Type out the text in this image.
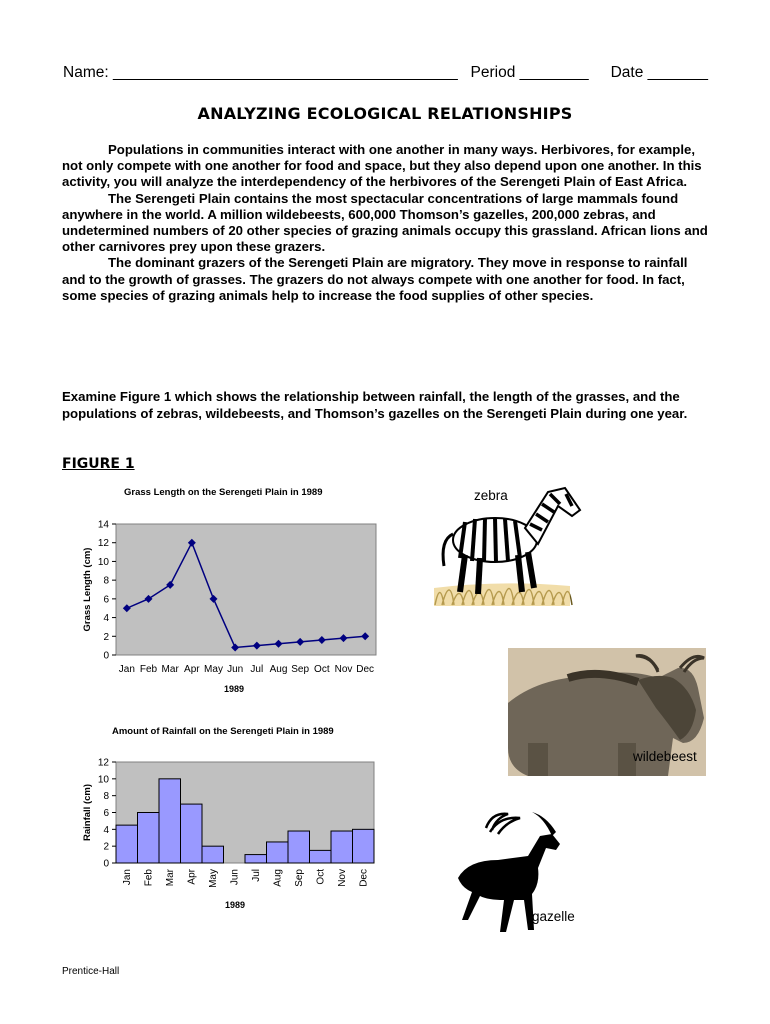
Name: ________________________________________ Period ________ Date _______
ANALYZING ECOLOGICAL RELATIONSHIPS

Populations in communities interact with one another in many ways. Herbivores, for example, not only compete with one another for food and space, but they also depend upon one another. In this activity, you will analyze the interdependency of the herbivores of the Serengeti Plain of East Africa.

The Serengeti Plain contains the most spectacular concentrations of large mammals found anywhere in the world. A million wildebeests, 600,000 Thomson’s gazelles, 200,000 zebras, and undetermined numbers of 20 other species of grazing animals occupy this grassland. African lions and other carnivores prey upon these grazers.

The dominant grazers of the Serengeti Plain are migratory. They move in response to rainfall and to the growth of grasses. The grazers do not always compete with one another for food. In fact, some species of grazing animals help to increase the food supplies of other species.

Examine Figure 1 which shows the relationship between rainfall, the length of the grasses, and the populations of zebras, wildebeests, and Thomson’s gazelles on the Serengeti Plain during one year.
FIGURE 1
Grass Length on the Serengeti Plain in 1989
0
2
4
6
8
10
12
14
Jan Feb Mar Apr May Jun Jul Aug Sep Oct Nov Dec
1989
Grass Length (cm)
Amount of Rainfall on the Serengeti Plain in 1989
0
2
4
6
8
10
12
Jan Feb Mar Apr May Jun Jul Aug Sep Oct Nov Dec
1989
Rainfall (cm)
zebra
wildebeest
gazelle
Prentice-Hall
